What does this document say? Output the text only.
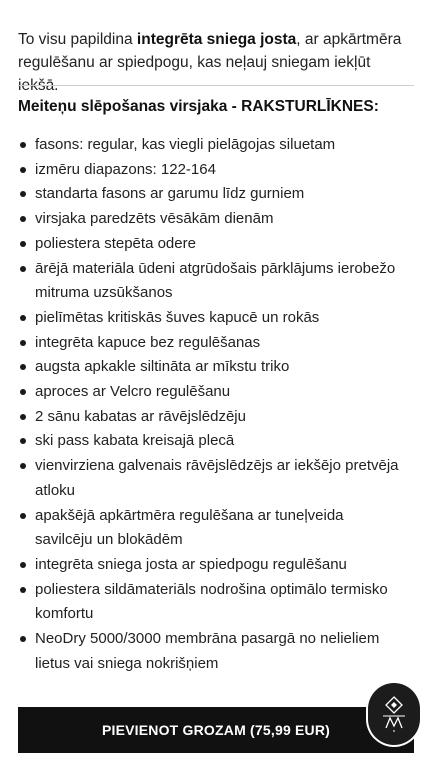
To visu papildina integrēta sniega josta, ar apkārtmēra regulēšanu ar spiedpogu, kas neļauj sniegam iekļūt iekšā.

Meiteņu slēpošanas virsjaka - RAKSTURLĪKNES:
fasons: regular, kas viegli pielāgojas siluetam
izmēru diapazons: 122-164
standarta fasons ar garumu līdz gurniem
virsjaka paredzēts vēsākām dienām
poliestera stepēta odere
ārējā materiāla ūdeni atgrūdošais pārklājums ierobežo mitruma uzsūkšanos
pielīmētas kritiskās šuves kapucē un rokās
integrēta kapuce bez regulēšanas
augsta apkakle siltināta ar mīkstu triko
aproces ar Velcro regulēšanu
2 sānu kabatas ar rāvējslēdzēju
ski pass kabata kreisajā plecā
vienvirziena galvenais rāvējslēdzējs ar iekšējo pretvēja atloku
apakšējā apkārtmēra regulēšana ar tuneļveida savilcēju un blokādēm
integrēta sniega josta ar spiedpogu regulēšanu
poliestera sildāmateriāls nodrošina optimālo termisko komfortu
NeoDry 5000/3000 membrāna pasargā no nelieliem lietus vai sniega nokrišņiem
PIEVIENOT GROZAM (75,99 EUR)
